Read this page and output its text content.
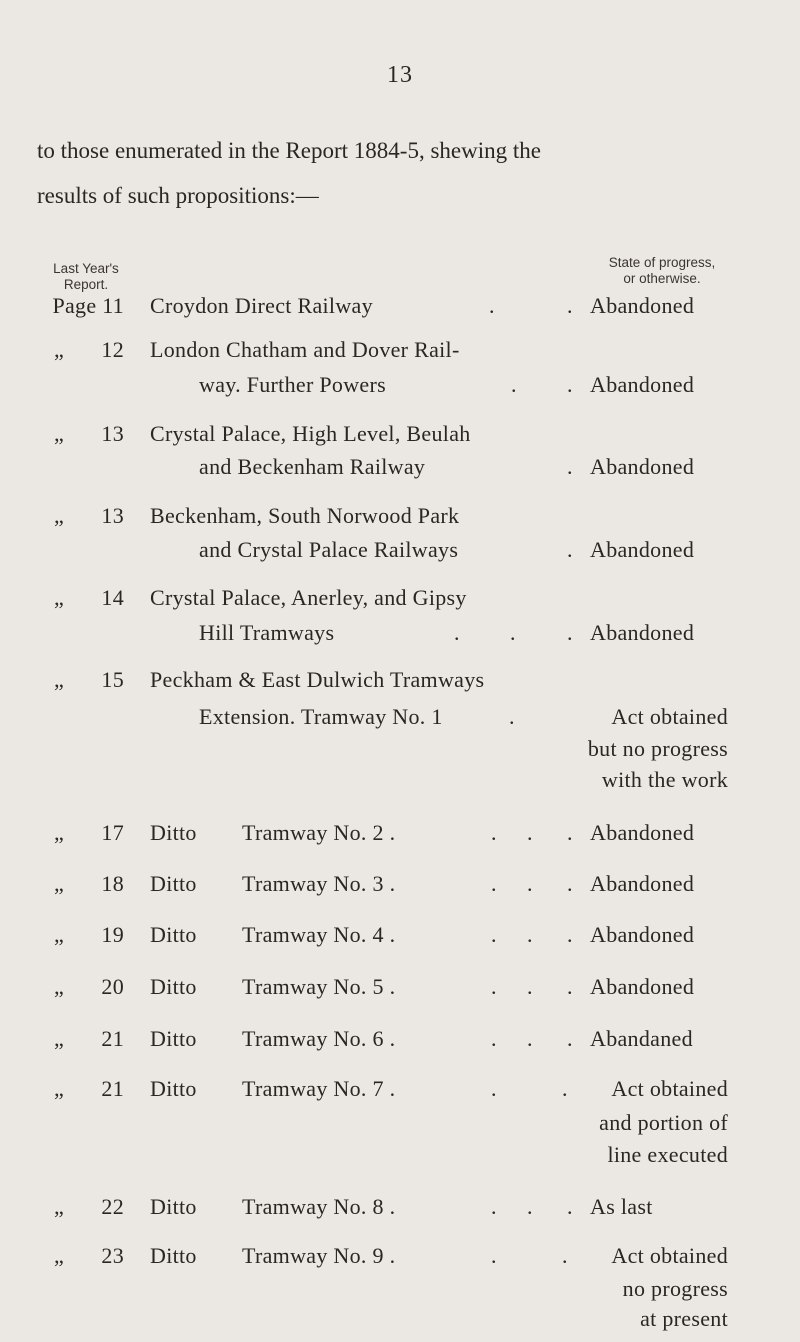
13
to those enumerated in the Report 1884-5, shewing the
results of such propositions:—
Last Year's
Report.
State of progress,
or otherwise.
Page 11 Croydon Direct Railway	.	. Abandoned
„	12 London Chatham and Dover Rail-
way. Further Powers	. . Abandoned
„	13 Crystal Palace, High Level, Beulah
and Beckenham Railway	. Abandoned
„	13 Beckenham, South Norwood Park
and Crystal Palace Railways	. Abandoned
„	14 Crystal Palace, Anerley, and Gipsy
Hill Tramways	. . . Abandoned
„	15 Peckham & East Dulwich Tramways
Extension. Tramway No. 1	.	Act obtained
but no progress
with the work
„	17 Ditto Tramway No. 2 .	. . . Abandoned
„	18 Ditto Tramway No. 3 .	. . . Abandoned
„	19 Ditto Tramway No. 4 .	. . . Abandoned
„	20 Ditto Tramway No. 5 .	. . . Abandoned
„	21 Ditto Tramway No. 6 .	. . . Abandaned
„	21 Ditto Tramway No. 7 .	.	. Act obtained
and portion of
line executed
„	22 Ditto Tramway No. 8 .	. . . As last
„	23 Ditto Tramway No. 9 .	.	. Act obtained
no progress
at present
